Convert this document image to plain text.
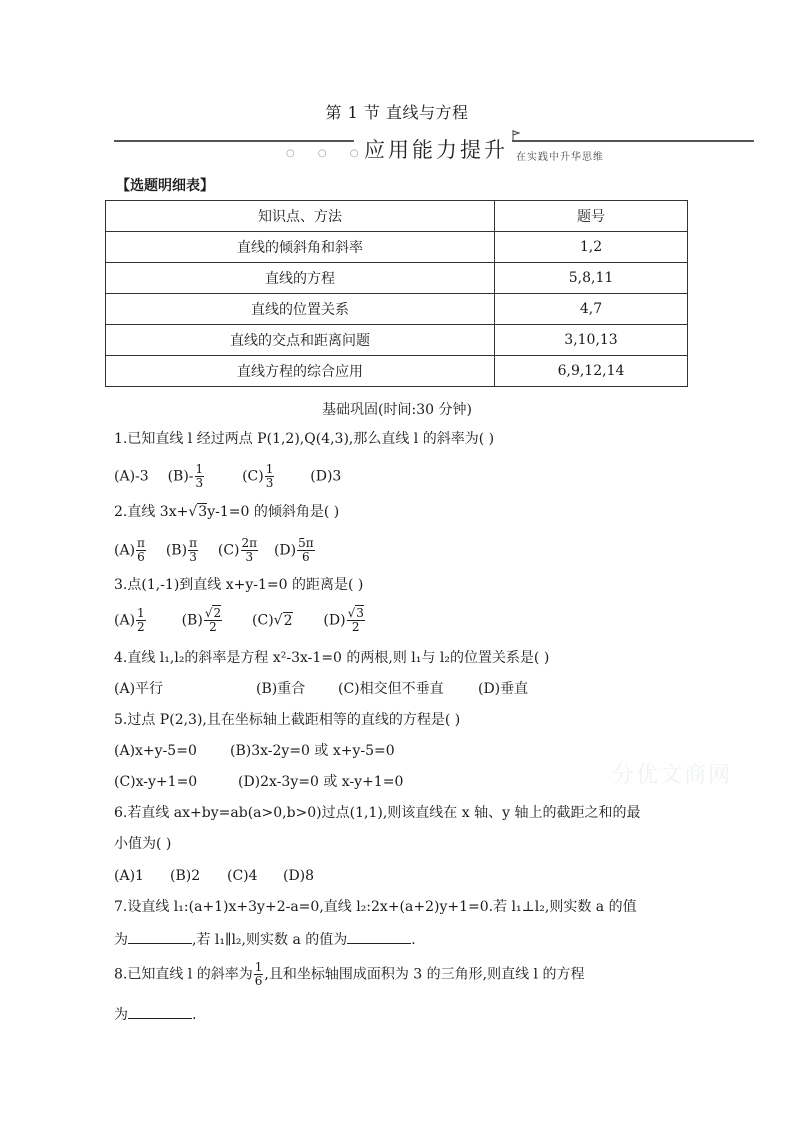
第 1 节 直线与方程
○ ○ ○
应用能力提升 在实践中升华思维
【选题明细表】
知识点、方法	题号
直线的倾斜角和斜率	1,2
直线的方程	5,8,11
直线的位置关系	4,7
直线的交点和距离问题	3,10,13
直线方程的综合应用	6,9,12,14
基础巩固(时间:30 分钟)
1.已知直线 l 经过两点 P(1,2),Q(4,3),那么直线 l 的斜率为( )
(A)-3 $(B)- \frac{1}{3}$	$(C) \frac{1}{3}$	(D)3
2.直线 3x+√3y-1=0 的倾斜角是( )
$(A) \frac{\pi}{6} (B) \frac{\pi}{3} (C) \frac{2\pi}{3} (D) \frac{5\pi}{6}$
3.点(1,-1)到直线 x+y-1=0 的距离是( )
$(A) \frac{1}{2}$	$(B) \frac{√2}{2} (C)√2$ $(D) \frac{√3}{2}$
4.直线 l₁,l₂的斜率是方程 x²-3x-1=0 的两根,则 l₁与 l₂的位置关系是( )
(A)平行	(B)重合 (C)相交但不垂直 (D)垂直
5.过点 P(2,3),且在坐标轴上截距相等的直线的方程是( )
(A)x+y-5=0 (B)3x-2y=0 或 x+y-5=0
(C)x-y+1=0	(D)2x-3y=0 或 x-y+1=0	分优文商网
6.若直线 ax+by=ab(a>0,b>0)过点(1,1),则该直线在 x 轴、y 轴上的截距之和的最
小值为( )
(A)1 (B)2 (C)4 (D)8
7.设直线 l₁:(a+1)x+3y+2-a=0,直线 l₂:2x+(a+2)y+1=0.若 l₁⊥l₂,则实数 a 的值
为	,若 l₁∥l₂,则实数 a 的值为	.
8.已知直线 l 的斜率为 $\frac{1}{6}$ ,且和坐标轴围成面积为 3 的三角形,则直线 l 的方程
为	.
